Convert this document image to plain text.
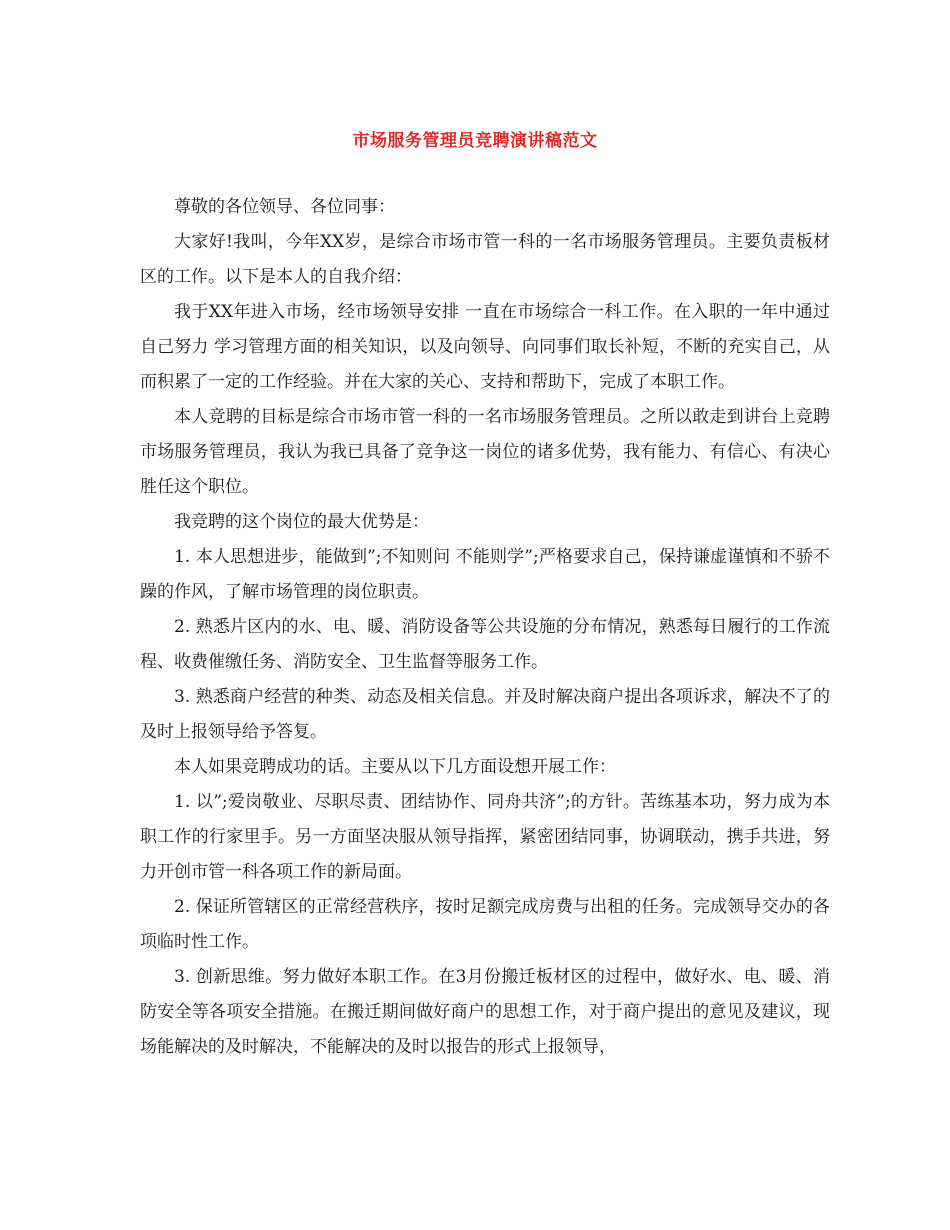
市场服务管理员竞聘演讲稿范文

尊敬的各位领导、各位同事：

大家好!我叫，今年XX岁，是综合市场市管一科的一名市场服务管理员。主要负责板材区的工作。以下是本人的自我介绍：

我于XX年进入市场，经市场领导安排 一直在市场综合一科工作。在入职的一年中通过自己努力 学习管理方面的相关知识，以及向领导、向同事们取长补短，不断的充实自己，从而积累了一定的工作经验。并在大家的关心、支持和帮助下，完成了本职工作。

本人竞聘的目标是综合市场市管一科的一名市场服务管理员。之所以敢走到讲台上竞聘市场服务管理员，我认为我已具备了竞争这一岗位的诸多优势，我有能力、有信心、有决心胜任这个职位。

我竞聘的这个岗位的最大优势是：

1. 本人思想进步，能做到”;不知则问 不能则学”;严格要求自己，保持谦虚谨慎和不骄不躁的作风，了解市场管理的岗位职责。

2. 熟悉片区内的水、电、暖、消防设备等公共设施的分布情况，熟悉每日履行的工作流程、收费催缴任务、消防安全、卫生监督等服务工作。

3. 熟悉商户经营的种类、动态及相关信息。并及时解决商户提出各项诉求，解决不了的及时上报领导给予答复。

本人如果竞聘成功的话。主要从以下几方面设想开展工作：

1. 以”;爱岗敬业、尽职尽责、团结协作、同舟共济”;的方针。苦练基本功，努力成为本职工作的行家里手。另一方面坚决服从领导指挥，紧密团结同事，协调联动，携手共进，努力开创市管一科各项工作的新局面。

2. 保证所管辖区的正常经营秩序，按时足额完成房费与出租的任务。完成领导交办的各项临时性工作。

3. 创新思维。努力做好本职工作。在3月份搬迁板材区的过程中，做好水、电、暖、消防安全等各项安全措施。在搬迁期间做好商户的思想工作，对于商户提出的意见及建议，现场能解决的及时解决，不能解决的及时以报告的形式上报领导，
